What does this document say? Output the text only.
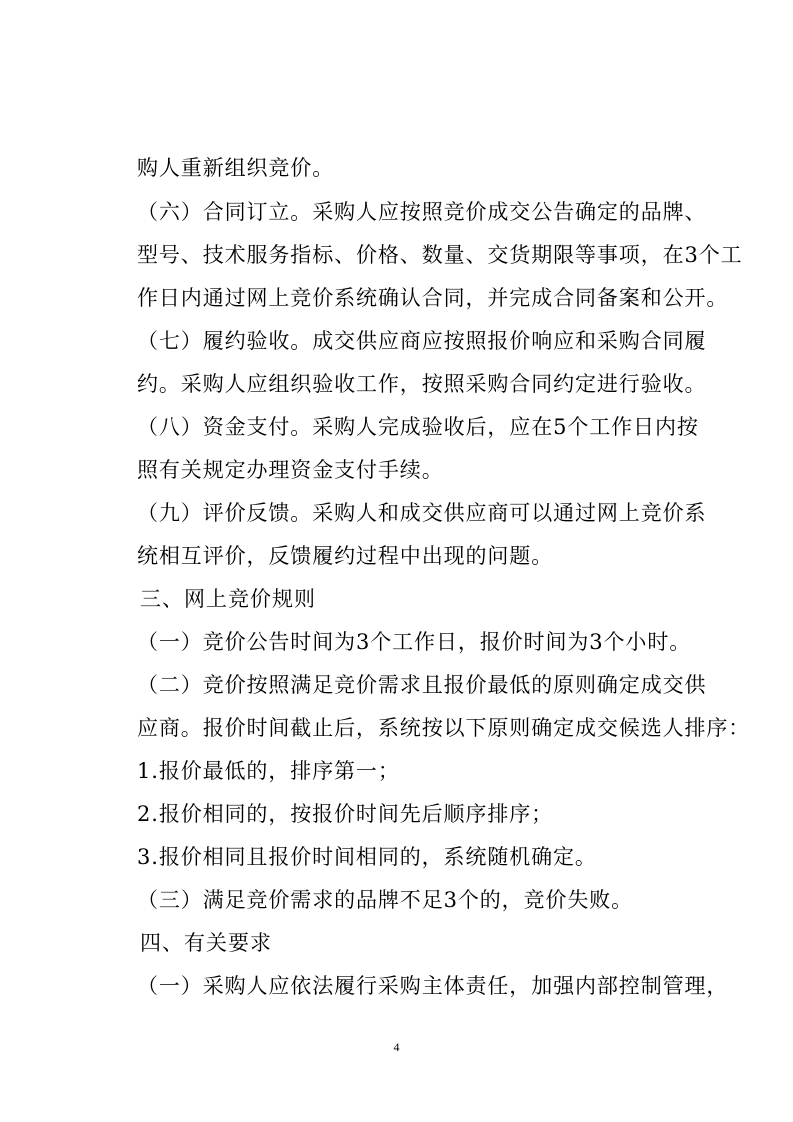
购人重新组织竞价。
（六）合同订立。采购人应按照竞价成交公告确定的品牌、
型号、技术服务指标、价格、数量、交货期限等事项，在3个工
作日内通过网上竞价系统确认合同，并完成合同备案和公开。
（七）履约验收。成交供应商应按照报价响应和采购合同履
约。采购人应组织验收工作，按照采购合同约定进行验收。
（八）资金支付。采购人完成验收后，应在5个工作日内按
照有关规定办理资金支付手续。
（九）评价反馈。采购人和成交供应商可以通过网上竞价系
统相互评价，反馈履约过程中出现的问题。
三、网上竞价规则
（一）竞价公告时间为3个工作日，报价时间为3个小时。
（二）竞价按照满足竞价需求且报价最低的原则确定成交供
应商。报价时间截止后，系统按以下原则确定成交候选人排序：
1.报价最低的，排序第一；
2.报价相同的，按报价时间先后顺序排序；
3.报价相同且报价时间相同的，系统随机确定。
（三）满足竞价需求的品牌不足3个的，竞价失败。
四、有关要求
（一）采购人应依法履行采购主体责任，加强内部控制管理，
4
